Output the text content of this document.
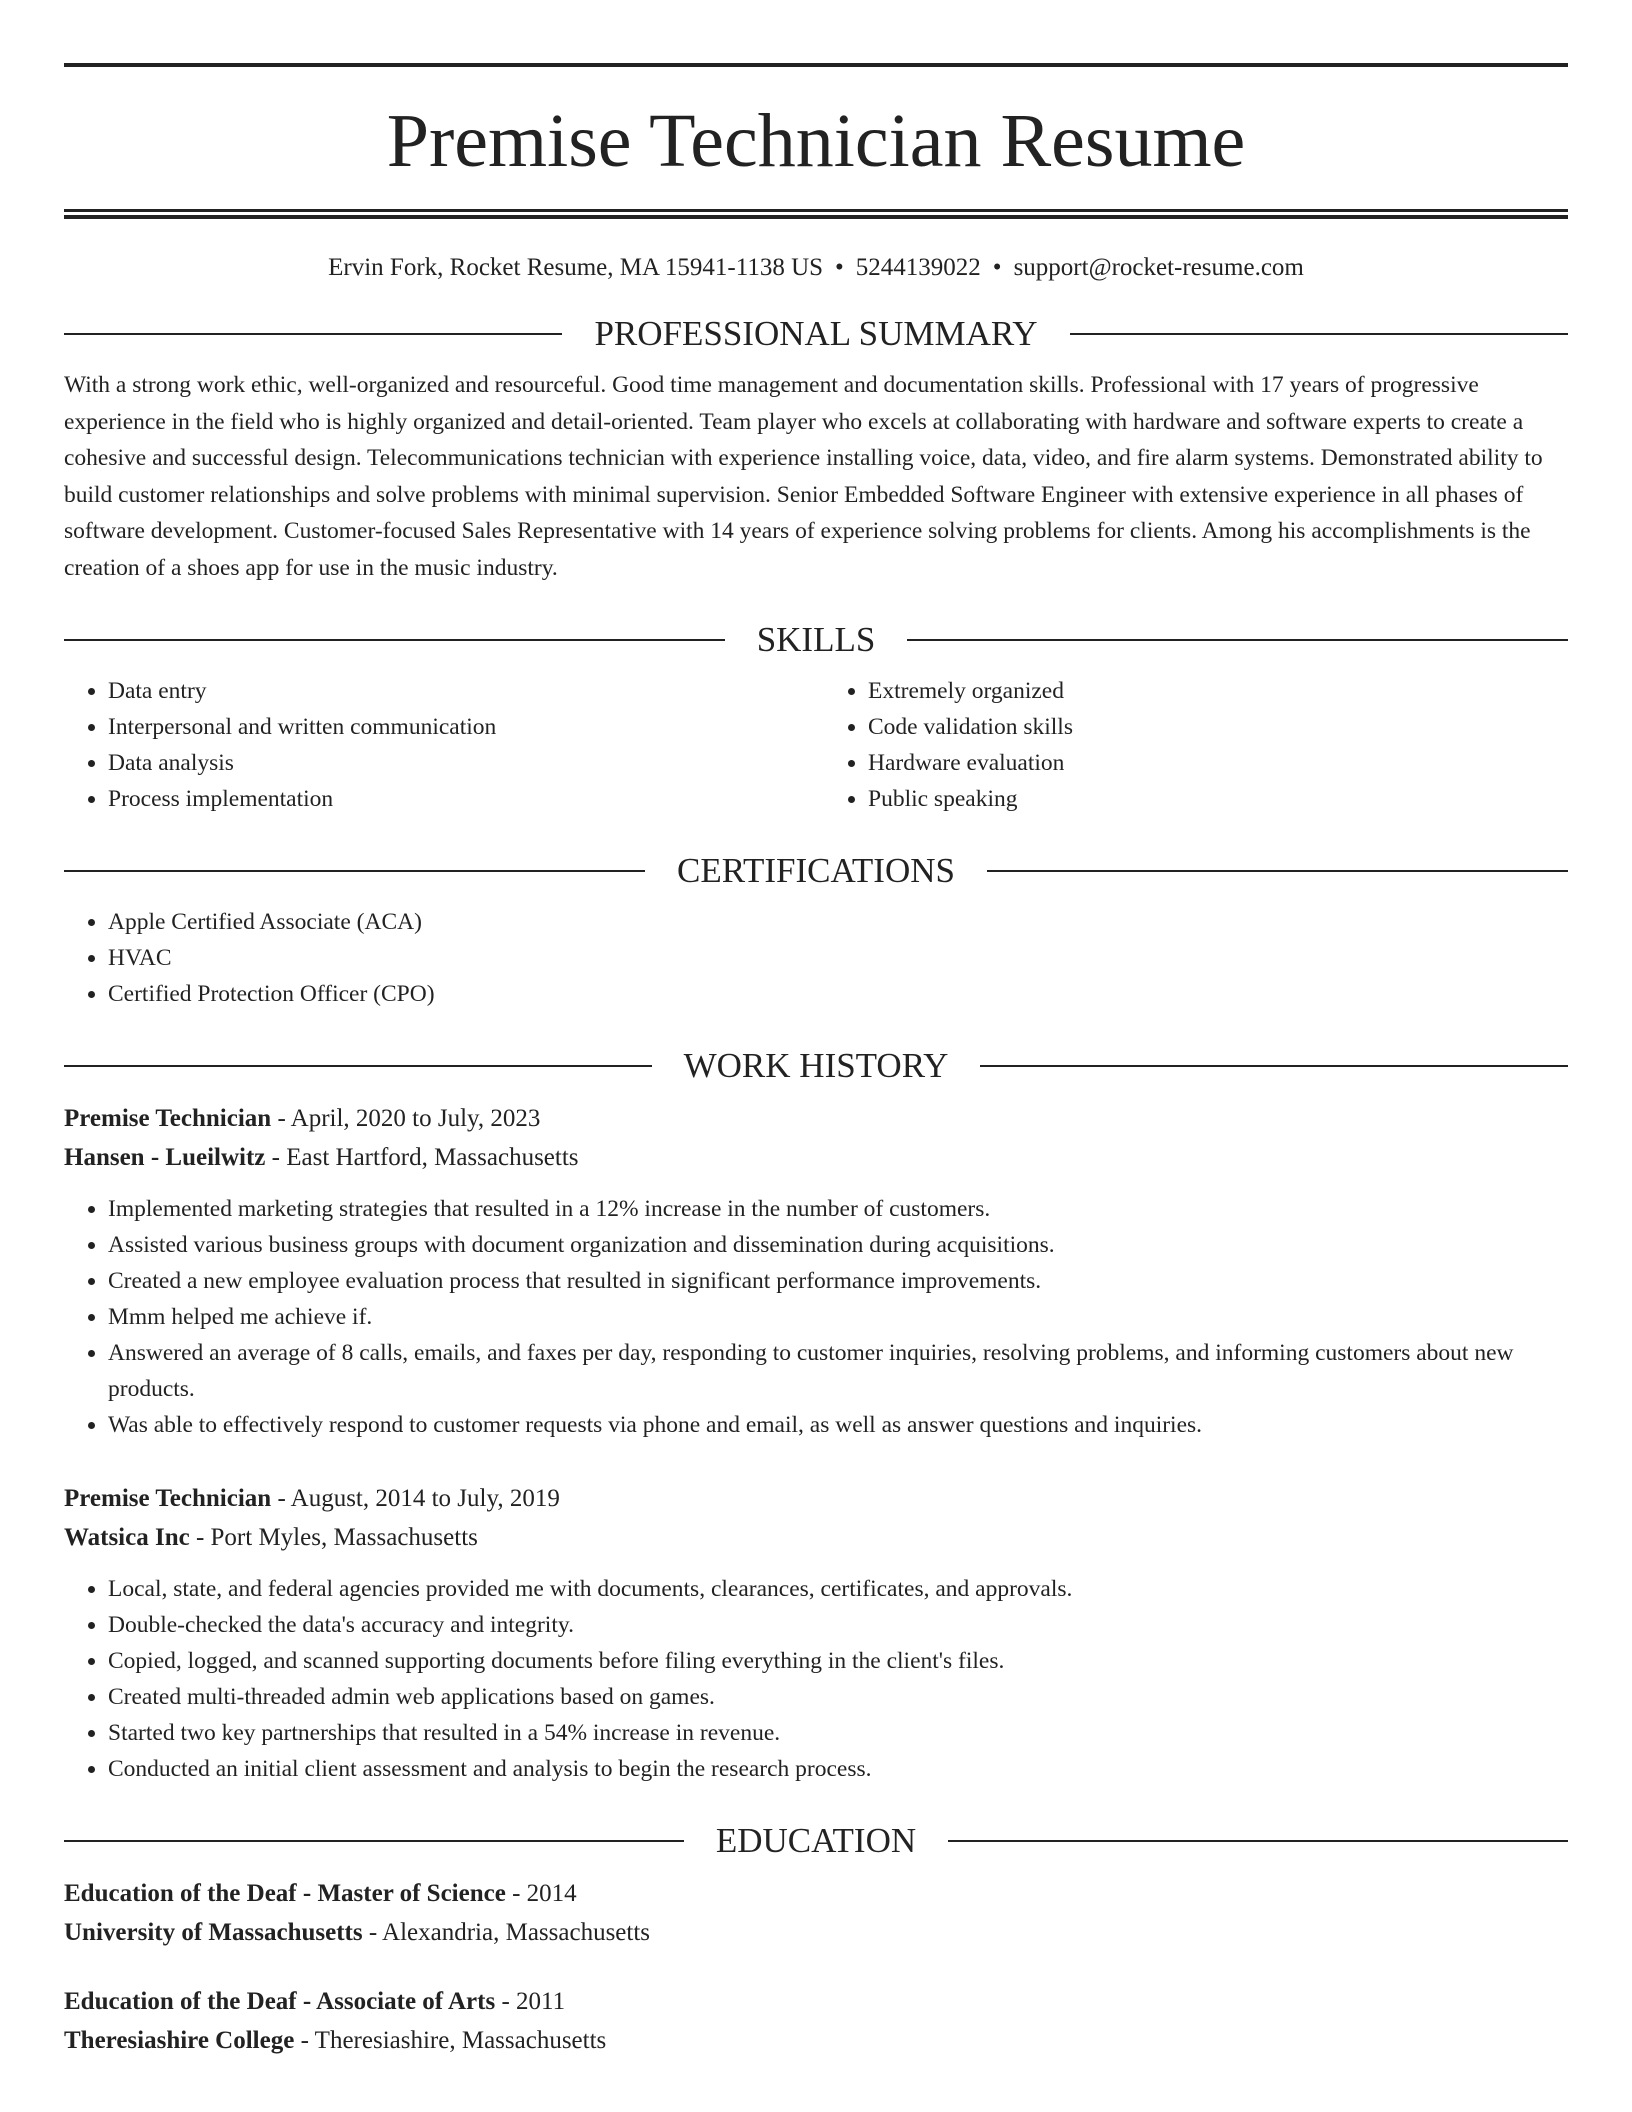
Premise Technician Resume
Ervin Fork, Rocket Resume, MA 15941-1138 US • 5244139022 • support@rocket-resume.com
PROFESSIONAL SUMMARY

With a strong work ethic, well-organized and resourceful. Good time management and documentation skills. Professional with 17 years of progressive experience in the field who is highly organized and detail-oriented. Team player who excels at collaborating with hardware and software experts to create a cohesive and successful design. Telecommunications technician with experience installing voice, data, video, and fire alarm systems. Demonstrated ability to build customer relationships and solve problems with minimal supervision. Senior Embedded Software Engineer with extensive experience in all phases of software development. Customer-focused Sales Representative with 14 years of experience solving problems for clients. Among his accomplishments is the creation of a shoes app for use in the music industry.

SKILLS
• Data entry
• Interpersonal and written communication
• Data analysis
• Process implementation
• Extremely organized
• Code validation skills
• Hardware evaluation
• Public speaking
CERTIFICATIONS
• Apple Certified Associate (ACA)
• HVAC
• Certified Protection Officer (CPO)
WORK HISTORY
Premise Technician - April, 2020 to July, 2023
Hansen - Lueilwitz - East Hartford, Massachusetts
• Implemented marketing strategies that resulted in a 12% increase in the number of customers.
• Assisted various business groups with document organization and dissemination during acquisitions.
• Created a new employee evaluation process that resulted in significant performance improvements.
• Mmm helped me achieve if.
• Answered an average of 8 calls, emails, and faxes per day, responding to customer inquiries, resolving problems, and informing customers about new products.
• Was able to effectively respond to customer requests via phone and email, as well as answer questions and inquiries.
Premise Technician - August, 2014 to July, 2019
Watsica Inc - Port Myles, Massachusetts
• Local, state, and federal agencies provided me with documents, clearances, certificates, and approvals.
• Double-checked the data's accuracy and integrity.
• Copied, logged, and scanned supporting documents before filing everything in the client's files.
• Created multi-threaded admin web applications based on games.
• Started two key partnerships that resulted in a 54% increase in revenue.
• Conducted an initial client assessment and analysis to begin the research process.
EDUCATION
Education of the Deaf - Master of Science - 2014
University of Massachusetts - Alexandria, Massachusetts
Education of the Deaf - Associate of Arts - 2011
Theresiashire College - Theresiashire, Massachusetts
